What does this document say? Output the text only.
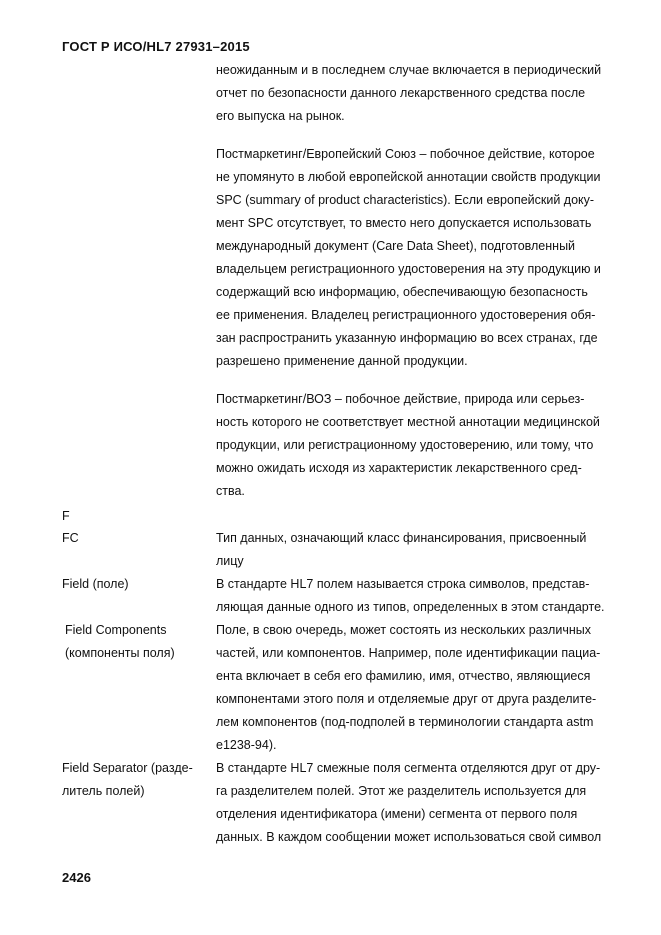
ГОСТ Р ИСО/HL7 27931–2015
неожиданным и в последнем случае включается в периодический
отчет по безопасности данного лекарственного средства после
его выпуска на рынок.
Постмаркетинг/Европейский Союз – побочное действие, которое
не упомянуто в любой европейской аннотации свойств продукции
SPC (summary of product characteristics). Если европейский доку-
мент SPC отсутствует, то вместо него допускается использовать
международный документ (Care Data Sheet), подготовленный
владельцем регистрационного удостоверения на эту продукцию и
содержащий всю информацию, обеспечивающую безопасность
ее применения. Владелец регистрационного удостоверения обя-
зан распространить указанную информацию во всех странах, где
разрешено применение данной продукции.
Постмаркетинг/ВОЗ – побочное действие, природа или серьез-
ность которого не соответствует местной аннотации медицинской
продукции, или регистрационному удостоверению, или тому, что
можно ожидать исходя из характеристик лекарственного сред-
ства.
F
FC	Тип данных, означающий класс финансирования, присвоенный
лицу
Field (поле)	В стандарте HL7 полем называется строка символов, представ-
ляющая данные одного из типов, определенных в этом стандарте.
Field Components
(компоненты поля)
Поле, в свою очередь, может состоять из нескольких различных
частей, или компонентов. Например, поле идентификации пациа-
ента включает в себя его фамилию, имя, отчество, являющиеся
компонентами этого поля и отделяемые друг от друга разделите-
лем компонентов (под-подполей в терминологии стандарта astm
e1238-94).
Field Separator (разде-
литель полей)
В стандарте HL7 смежные поля сегмента отделяются друг от дру-
га разделителем полей. Этот же разделитель используется для
отделения идентификатора (имени) сегмента от первого поля
данных. В каждом сообщении может использоваться свой символ
2426
